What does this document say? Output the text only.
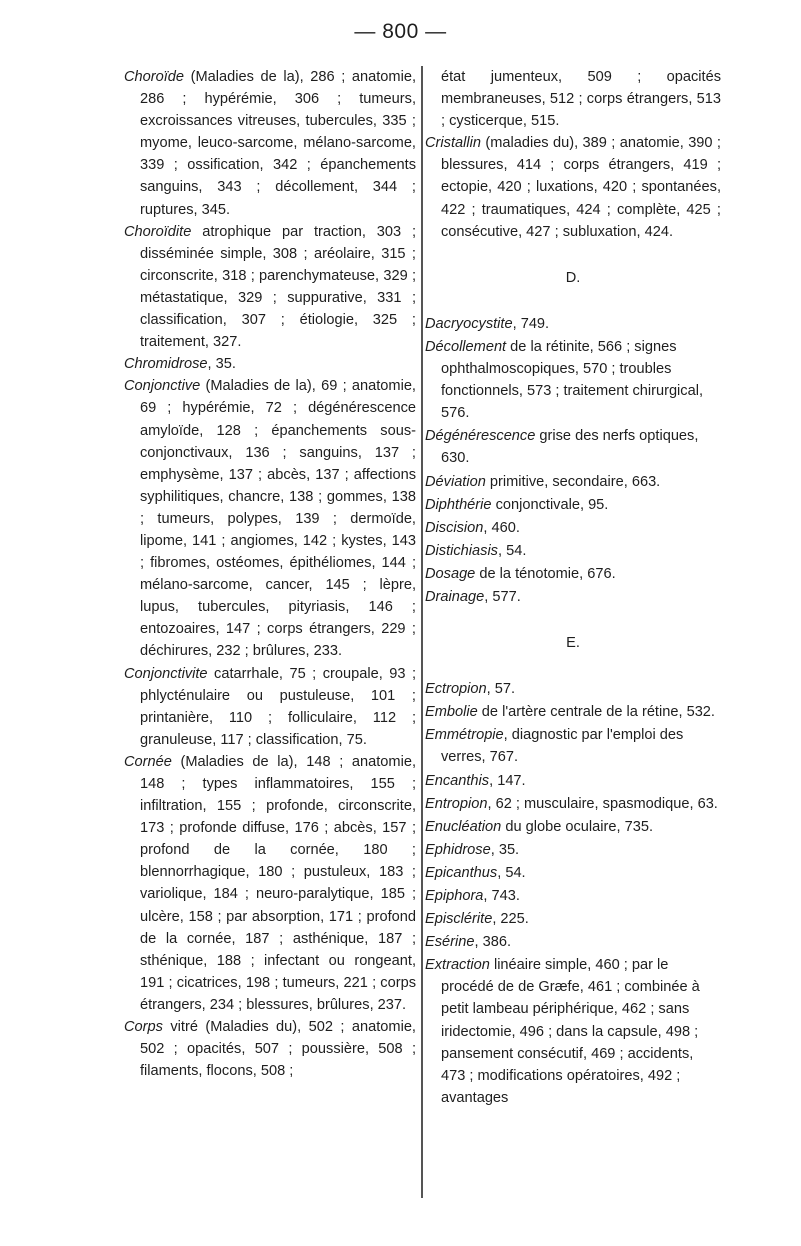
— 800 —

Choroïde (Maladies de la), 286 ; anatomie, 286 ; hypérémie, 306 ; tumeurs, excroissances vitreuses, tubercules, 335 ; myome, leuco-sarcome, mélano-sarcome, 339 ; ossification, 342 ; épanchements sanguins, 343 ; décollement, 344 ; ruptures, 345.

Choroïdite atrophique par traction, 303 ; disséminée simple, 308 ; aréolaire, 315 ; circonscrite, 318 ; parenchymateuse, 329 ; métastatique, 329 ; suppurative, 331 ; classification, 307 ; étiologie, 325 ; traitement, 327.

Chromidrose, 35.

Conjonctive (Maladies de la), 69 ; anatomie, 69 ; hypérémie, 72 ; dégénérescence amyloïde, 128 ; épanchements sous-conjonctivaux, 136 ; sanguins, 137 ; emphysème, 137 ; abcès, 137 ; affections syphilitiques, chancre, 138 ; gommes, 138 ; tumeurs, polypes, 139 ; dermoïde, lipome, 141 ; angiomes, 142 ; kystes, 143 ; fibromes, ostéomes, épithéliomes, 144 ; mélano-sarcome, cancer, 145 ; lèpre, lupus, tubercules, pityriasis, 146 ; entozoaires, 147 ; corps étrangers, 229 ; déchirures, 232 ; brûlures, 233.

Conjonctivite catarrhale, 75 ; croupale, 93 ; phlycténulaire ou pustuleuse, 101 ; printanière, 110 ; folliculaire, 112 ; granuleuse, 117 ; classification, 75.

Cornée (Maladies de la), 148 ; anatomie, 148 ; types inflammatoires, 155 ; infiltration, 155 ; profonde, circonscrite, 173 ; profonde diffuse, 176 ; abcès, 157 ; profond de la cornée, 180 ; blennorrhagique, 180 ; pustuleux, 183 ; variolique, 184 ; neuro-paralytique, 185 ; ulcère, 158 ; par absorption, 171 ; profond de la cornée, 187 ; asthénique, 187 ; sthénique, 188 ; infectant ou rongeant, 191 ; cicatrices, 198 ; tumeurs, 221 ; corps étrangers, 234 ; blessures, brûlures, 237.

Corps vitré (Maladies du), 502 ; anatomie, 502 ; opacités, 507 ; poussière, 508 ; filaments, flocons, 508 ;

état jumenteux, 509 ; opacités membraneuses, 512 ; corps étrangers, 513 ; cysticerque, 515.

Cristallin (maladies du), 389 ; anatomie, 390 ; blessures, 414 ; corps étrangers, 419 ; ectopie, 420 ; luxations, 420 ; spontanées, 422 ; traumatiques, 424 ; complète, 425 ; consécutive, 427 ; subluxation, 424.

D.

Dacryocystite, 749.

Décollement de la rétinite, 566 ; signes ophthalmoscopiques, 570 ; troubles fonctionnels, 573 ; traitement chirurgical, 576.

Dégénérescence grise des nerfs optiques, 630.

Déviation primitive, secondaire, 663.

Diphthérie conjonctivale, 95.

Discision, 460.

Distichiasis, 54.

Dosage de la ténotomie, 676.

Drainage, 577.

E.

Ectropion, 57.

Embolie de l'artère centrale de la rétine, 532.

Emmétropie, diagnostic par l'emploi des verres, 767.

Encanthis, 147.

Entropion, 62 ; musculaire, spasmodique, 63.

Enucléation du globe oculaire, 735.

Ephidrose, 35.

Epicanthus, 54.

Epiphora, 743.

Episclérite, 225.

Esérine, 386.

Extraction linéaire simple, 460 ; par le procédé de de Græfe, 461 ; combinée à petit lambeau périphérique, 462 ; sans iridectomie, 496 ; dans la capsule, 498 ; pansement consécutif, 469 ; accidents, 473 ; modifications opératoires, 492 ; avantages
